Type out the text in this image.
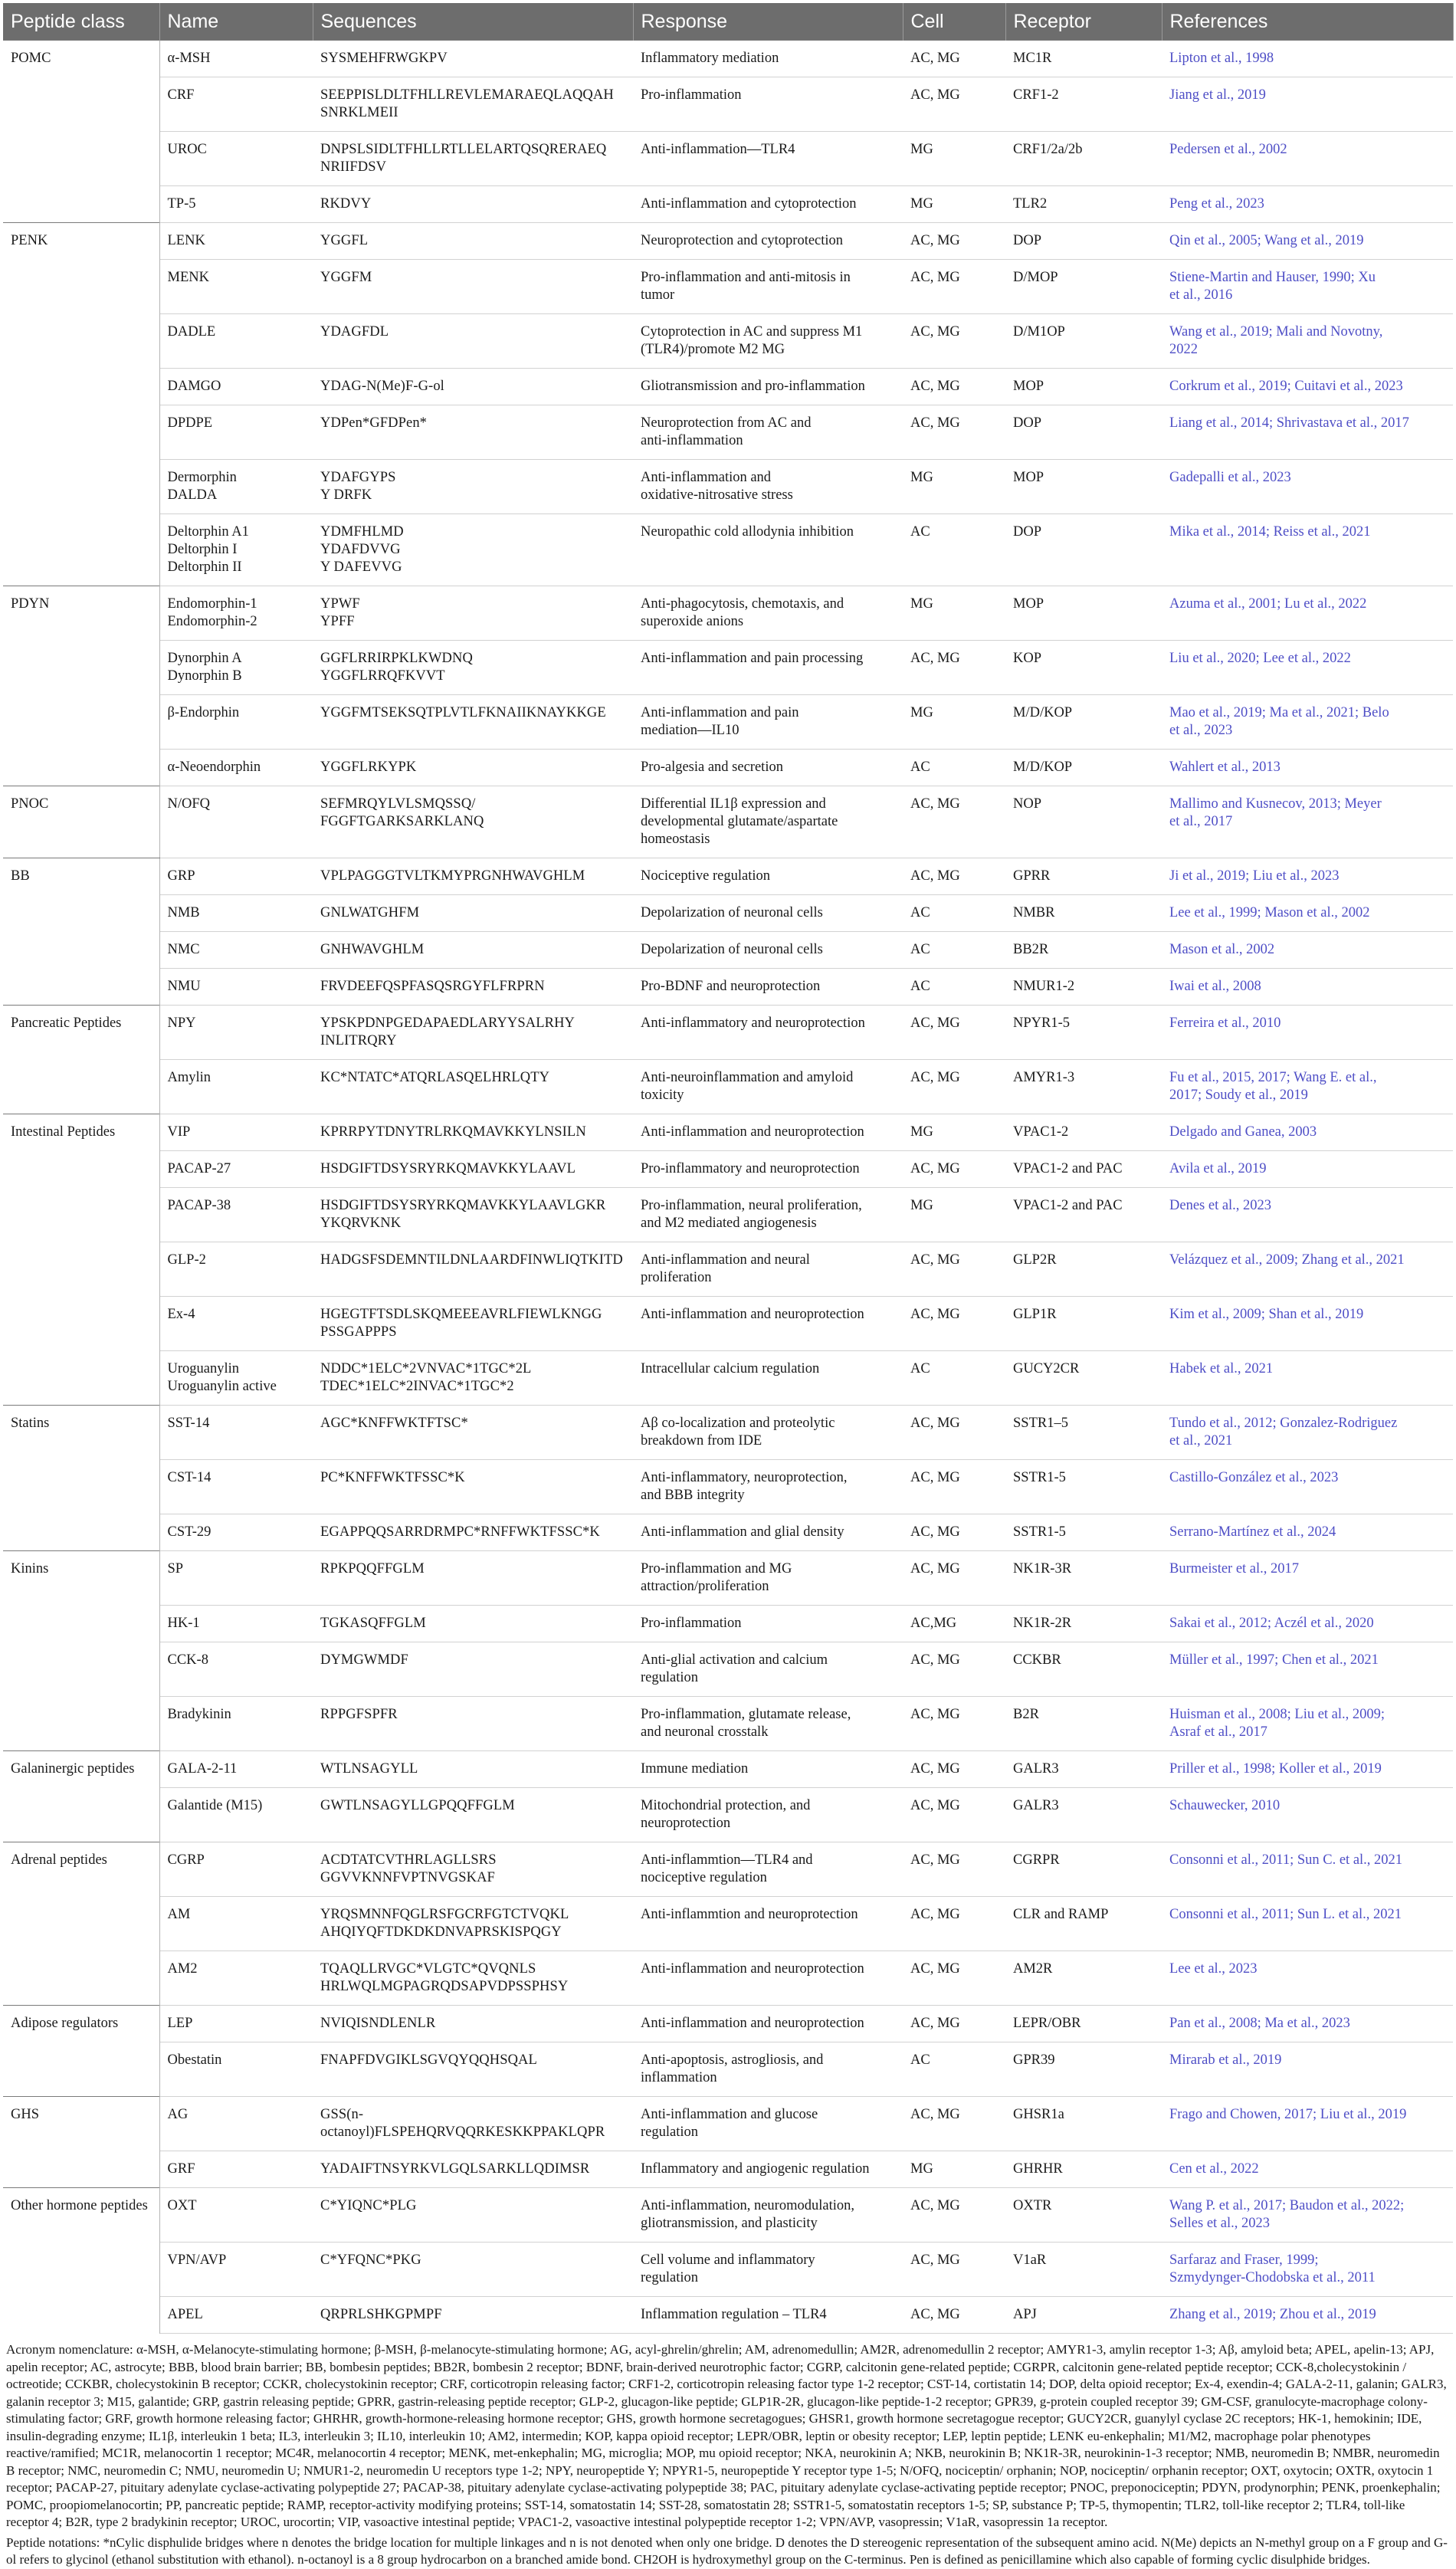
Peptide class	Name	Sequences	Response	Cell	Receptor	References
POMC	α-MSH	SYSMEHFRWGKPV	Inflammatory mediation	AC, MG	MC1R	Lipton et al., 1998

	CRF	SEEPPISLDLTFHLLREVLEMARAEQLAQQAH
SNRKLMEII	Pro-inflammation	AC, MG	CRF1-2	Jiang et al., 2019

	UROC	DNPSLSIDLTFHLLRTLLELARTQSQRERAEQ
NRIIFDSV	Anti-inflammation—TLR4	MG	CRF1/2a/2b	Pedersen et al., 2002

	TP-5	RKDVY	Anti-inflammation and cytoprotection	MG	TLR2	Peng et al., 2023

PENK	LENK	YGGFL	Neuroprotection and cytoprotection	AC, MG	DOP	Qin et al., 2005; Wang et al., 2019

	MENK	YGGFM	Pro-inflammation and anti-mitosis in
tumor	AC, MG	D/MOP	Stiene-Martin and Hauser, 1990; Xu
et al., 2016

	DADLE	YDAGFDL	Cytoprotection in AC and suppress M1
(TLR4)/promote M2 MG	AC, MG	D/M1OP	Wang et al., 2019; Mali and Novotny,
2022

	DAMGO	YDAG-N(Me)F-G-ol	Gliotransmission and pro-inflammation	AC, MG	MOP	Corkrum et al., 2019; Cuitavi et al., 2023

	DPDPE	YDPen*GFDPen*	Neuroprotection from AC and
anti-inflammation	AC, MG	DOP	Liang et al., 2014; Shrivastava et al., 2017

	Dermorphin
DALDA	YDAFGYPS
Y DRFK	Anti-inflammation and
oxidative-nitrosative stress	MG	MOP	Gadepalli et al., 2023

	Deltorphin A1
Deltorphin I
Deltorphin II	YDMFHLMD
YDAFDVVG
Y DAFEVVG	Neuropathic cold allodynia inhibition	AC	DOP	Mika et al., 2014; Reiss et al., 2021

PDYN	Endomorphin-1
Endomorphin-2	YPWF
YPFF	Anti-phagocytosis, chemotaxis, and
superoxide anions	MG	MOP	Azuma et al., 2001; Lu et al., 2022

	Dynorphin A
Dynorphin B	GGFLRRIRPKLKWDNQ
YGGFLRRQFKVVT	Anti-inflammation and pain processing	AC, MG	KOP	Liu et al., 2020; Lee et al., 2022

	β-Endorphin	YGGFMTSEKSQTPLVTLFKNAIIKNAYKKGE	Anti-inflammation and pain
mediation—IL10	MG	M/D/KOP	Mao et al., 2019; Ma et al., 2021; Belo
et al., 2023

	α-Neoendorphin	YGGFLRKYPK	Pro-algesia and secretion	AC	M/D/KOP	Wahlert et al., 2013

PNOC	N/OFQ	SEFMRQYLVLSMQSSQ/
FGGFTGARKSARKLANQ	Differential IL1β expression and
developmental glutamate/aspartate
homeostasis	AC, MG	NOP	Mallimo and Kusnecov, 2013; Meyer
et al., 2017

BB	GRP	VPLPAGGGTVLTKMYPRGNHWAVGHLM	Nociceptive regulation	AC, MG	GPRR	Ji et al., 2019; Liu et al., 2023

	NMB	GNLWATGHFM	Depolarization of neuronal cells	AC	NMBR	Lee et al., 1999; Mason et al., 2002

	NMC	GNHWAVGHLM	Depolarization of neuronal cells	AC	BB2R	Mason et al., 2002

	NMU	FRVDEEFQSPFASQSRGYFLFRPRN	Pro-BDNF and neuroprotection	AC	NMUR1-2	Iwai et al., 2008

Pancreatic Peptides	NPY	YPSKPDNPGEDAPAEDLARYYSALRHY
INLITRQRY	Anti-inflammatory and neuroprotection	AC, MG	NPYR1-5	Ferreira et al., 2010

	Amylin	KC*NTATC*ATQRLASQELHRLQTY	Anti-neuroinflammation and amyloid
toxicity	AC, MG	AMYR1-3	Fu et al., 2015, 2017; Wang E. et al.,
2017; Soudy et al., 2019

Intestinal Peptides	VIP	KPRRPYTDNYTRLRKQMAVKKYLNSILN	Anti-inflammation and neuroprotection	MG	VPAC1-2	Delgado and Ganea, 2003

	PACAP-27	HSDGIFTDSYSRYRKQMAVKKYLAAVL	Pro-inflammatory and neuroprotection	AC, MG	VPAC1-2 and PAC	Avila et al., 2019

	PACAP-38	HSDGIFTDSYSRYRKQMAVKKYLAAVLGKR
YKQRVKNK	Pro-inflammation, neural proliferation,
and M2 mediated angiogenesis	MG	VPAC1-2 and PAC	Denes et al., 2023

	GLP-2	HADGSFSDEMNTILDNLAARDFINWLIQTKITD	Anti-inflammation and neural
proliferation	AC, MG	GLP2R	Velázquez et al., 2009; Zhang et al., 2021

	Ex-4	HGEGTFTSDLSKQMEEEAVRLFIEWLKNGG
PSSGAPPPS	Anti-inflammation and neuroprotection	AC, MG	GLP1R	Kim et al., 2009; Shan et al., 2019

	Uroguanylin
Uroguanylin active	NDDC*1ELC*2VNVAC*1TGC*2L
TDEC*1ELC*2INVAC*1TGC*2	Intracellular calcium regulation	AC	GUCY2CR	Habek et al., 2021

Statins	SST-14	AGC*KNFFWKTFTSC*	Aβ co-localization and proteolytic
breakdown from IDE	AC, MG	SSTR1–5	Tundo et al., 2012; Gonzalez-Rodriguez
et al., 2021

	CST-14	PC*KNFFWKTFSSC*K	Anti-inflammatory, neuroprotection,
and BBB integrity	AC, MG	SSTR1-5	Castillo-González et al., 2023

	CST-29	EGAPPQQSARRDRMPC*RNFFWKTFSSC*K	Anti-inflammation and glial density	AC, MG	SSTR1-5	Serrano-Martínez et al., 2024

Kinins	SP	RPKPQQFFGLM	Pro-inflammation and MG
attraction/proliferation	AC, MG	NK1R-3R	Burmeister et al., 2017

	HK-1	TGKASQFFGLM	Pro-inflammation	AC,MG	NK1R-2R	Sakai et al., 2012; Aczél et al., 2020

	CCK-8	DYMGWMDF	Anti-glial activation and calcium
regulation	AC, MG	CCKBR	Müller et al., 1997; Chen et al., 2021

	Bradykinin	RPPGFSPFR	Pro-inflammation, glutamate release,
and neuronal crosstalk	AC, MG	B2R	Huisman et al., 2008; Liu et al., 2009;
Asraf et al., 2017

Galaninergic peptides	GALA-2-11	WTLNSAGYLL	Immune mediation	AC, MG	GALR3	Priller et al., 1998; Koller et al., 2019

	Galantide (M15)	GWTLNSAGYLLGPQQFFGLM	Mitochondrial protection, and
neuroprotection	AC, MG	GALR3	Schauwecker, 2010

Adrenal peptides	CGRP	ACDTATCVTHRLAGLLSRS
GGVVKNNFVPTNVGSKAF	Anti-inflammtion—TLR4 and
nociceptive regulation	AC, MG	CGRPR	Consonni et al., 2011; Sun C. et al., 2021

	AM	YRQSMNNFQGLRSFGCRFGTCTVQKL
AHQIYQFTDKDKDNVAPRSKISPQGY	Anti-inflammtion and neuroprotection	AC, MG	CLR and RAMP	Consonni et al., 2011; Sun L. et al., 2021

	AM2	TQAQLLRVGC*VLGTC*QVQNLS
HRLWQLMGPAGRQDSAPVDPSSPHSY	Anti-inflammation and neuroprotection	AC, MG	AM2R	Lee et al., 2023

Adipose regulators	LEP	NVIQISNDLENLR	Anti-inflammation and neuroprotection	AC, MG	LEPR/OBR	Pan et al., 2008; Ma et al., 2023

	Obestatin	FNAPFDVGIKLSGVQYQQHSQAL	Anti-apoptosis, astrogliosis, and
inflammation	AC	GPR39	Mirarab et al., 2019

GHS	AG	GSS(n-
octanoyl)FLSPEHQRVQQRKESKKPPAKLQPR	Anti-inflammation and glucose
regulation	AC, MG	GHSR1a	Frago and Chowen, 2017; Liu et al., 2019

	GRF	YADAIFTNSYRKVLGQLSARKLLQDIMSR	Inflammatory and angiogenic regulation	MG	GHRHR	Cen et al., 2022

Other hormone peptides	OXT	C*YIQNC*PLG	Anti-inflammation, neuromodulation,
gliotransmission, and plasticity	AC, MG	OXTR	Wang P. et al., 2017; Baudon et al., 2022;
Selles et al., 2023

	VPN/AVP	C*YFQNC*PKG	Cell volume and inflammatory
regulation	AC, MG	V1aR	Sarfaraz and Fraser, 1999;
Szmydynger-Chodobska et al., 2011

	APEL	QRPRLSHKGPMPF	Inflammation regulation – TLR4	AC, MG	APJ	Zhang et al., 2019; Zhou et al., 2019

Acronym nomenclature: α-MSH, α-Melanocyte-stimulating hormone; β-MSH, β-melanocyte-stimulating hormone; AG, acyl-ghrelin/ghrelin; AM, adrenomedullin; AM2R, adrenomedullin 2 receptor; AMYR1-3, amylin receptor 1-3; Aβ, amyloid beta; APEL, apelin-13; APJ, apelin receptor; AC, astrocyte; BBB, blood brain barrier; BB, bombesin peptides; BB2R, bombesin 2 receptor; BDNF, brain-derived neurotrophic factor; CGRP, calcitonin gene-related peptide; CGRPR, calcitonin gene-related peptide receptor; CCK-8,cholecystokinin / octreotide; CCKBR, cholecystokinin B receptor; CCKR, cholecystokinin receptor; CRF, corticotropin releasing factor; CRF1-2, corticotropin releasing factor type 1-2 receptor; CST-14, cortistatin 14; DOP, delta opioid receptor; Ex-4, exendin-4; GALA-2-11, galanin; GALR3, galanin receptor 3; M15, galantide; GRP, gastrin releasing peptide; GPRR, gastrin-releasing peptide receptor; GLP-2, glucagon-like peptide; GLP1R-2R, glucagon-like peptide-1-2 receptor; GPR39, g-protein coupled receptor 39; GM-CSF, granulocyte-macrophage colony-stimulating factor; GRF, growth hormone releasing factor; GHRHR, growth-hormone-releasing hormone receptor; GHS, growth hormone secretagogues; GHSR1, growth hormone secretagogue receptor; GUCY2CR, guanylyl cyclase 2C receptors; HK-1, hemokinin; IDE, insulin-degrading enzyme; IL1β, interleukin 1 beta; IL3, interleukin 3; IL10, interleukin 10; AM2, intermedin; KOP, kappa opioid receptor; LEPR/OBR, leptin or obesity receptor; LEP, leptin peptide; LENK eu-enkephalin; M1/M2, macrophage polar phenotypes reactive/ramified; MC1R, melanocortin 1 receptor; MC4R, melanocortin 4 receptor; MENK, met-enkephalin; MG, microglia; MOP, mu opioid receptor; NKA, neurokinin A; NKB, neurokinin B; NK1R-3R, neurokinin-1-3 receptor; NMB, neuromedin B; NMBR, neuromedin B receptor; NMC, neuromedin C; NMU, neuromedin U; NMUR1-2, neuromedin U receptors type 1-2; NPY, neuropeptide Y; NPYR1-5, neuropeptide Y receptor type 1-5; N/OFQ, nociceptin/ orphanin; NOP, nociceptin/ orphanin receptor; OXT, oxytocin; OXTR, oxytocin 1 receptor; PACAP-27, pituitary adenylate cyclase-activating polypeptide 27; PACAP-38, pituitary adenylate cyclase-activating polypeptide 38; PAC, pituitary adenylate cyclase-activating peptide receptor; PNOC, preponociceptin; PDYN, prodynorphin; PENK, proenkephalin; POMC, proopiomelanocortin; PP, pancreatic peptide; RAMP, receptor-activity modifying proteins; SST-14, somatostatin 14; SST-28, somatostatin 28; SSTR1-5, somatostatin receptors 1-5; SP, substance P; TP-5, thymopentin; TLR2, toll-like receptor 2; TLR4, toll-like receptor 4; B2R, type 2 bradykinin receptor; UROC, urocortin; VIP, vasoactive intestinal peptide; VPAC1-2, vasoactive intestinal polypeptide receptor 1-2; VPN/AVP, vasopressin; V1aR, vasopressin 1a receptor.

Peptide notations: *nCylic disphulide bridges where n denotes the bridge location for multiple linkages and n is not denoted when only one bridge. D denotes the D stereogenic representation of the subsequent amino acid. N(Me) depicts an N-methyl group on a F group and G-ol refers to glycinol (ethanol substitution with ethanol). n-octanoyl is a 8 group hydrocarbon on a branched amide bond. CH2OH is hydroxymethyl group on the C-terminus. Pen is defined as penicillamine which also capable of forming cyclic disulphide bridges.
